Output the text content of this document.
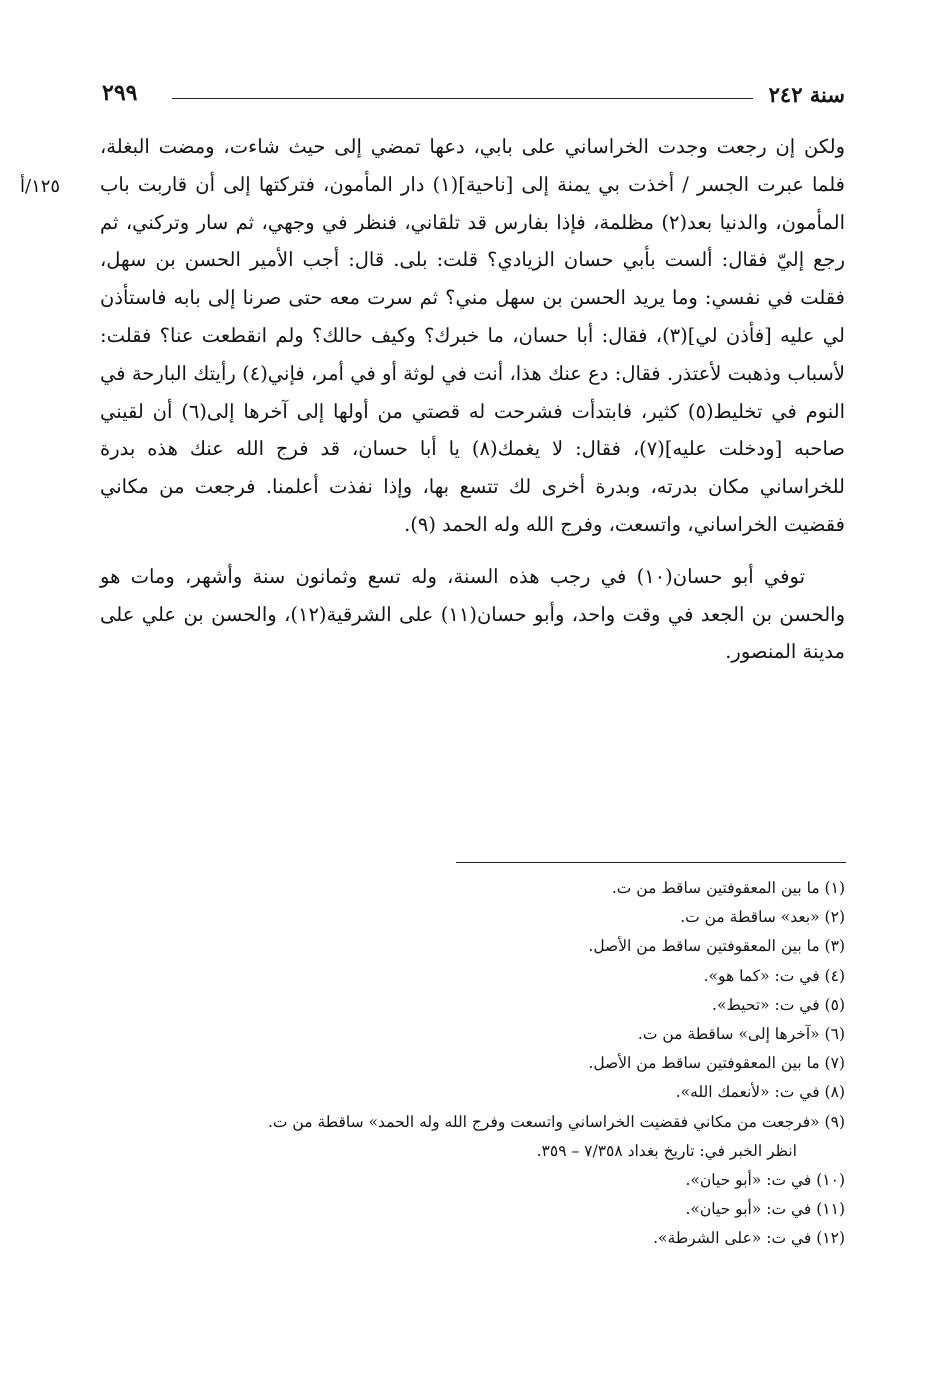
سنة ٢٤٢
٢٩٩
١٢٥/أ

ولكن إن رجعت وجدت الخراساني على بابي، دعها تمضي إلى حيث شاءت، ومضت البغلة، فلما عبرت الجسر / أخذت بي يمنة إلى [ناحية](١) دار المأمون، فتركتها إلى أن قاربت باب المأمون، والدنيا بعد(٢) مظلمة، فإذا بفارس قد تلقاني، فنظر في وجهي، ثم سار وتركني، ثم رجع إليّ فقال: ألست بأبي حسان الزيادي؟ قلت: بلى. قال: أجب الأمير الحسن بن سهل، فقلت في نفسي: وما يريد الحسن بن سهل مني؟ ثم سرت معه حتى صرنا إلى بابه فاستأذن لي عليه [فأذن لي](٣)، فقال: أبا حسان، ما خبرك؟ وكيف حالك؟ ولم انقطعت عنا؟ فقلت: لأسباب وذهبت لأعتذر. فقال: دع عنك هذا، أنت في لوثة أو في أمر، فإني(٤) رأيتك البارحة في النوم في تخليط(٥) كثير، فابتدأت فشرحت له قصتي من أولها إلى آخرها إلى(٦) أن لقيني صاحبه [ودخلت عليه](٧)، فقال: لا يغمك(٨) يا أبا حسان، قد فرج الله عنك هذه بدرة للخراساني مكان بدرته، وبدرة أخرى لك تتسع بها، وإذا نفذت أعلمنا. فرجعت من مكاني فقضيت الخراساني، واتسعت، وفرج الله وله الحمد (٩).

توفي أبو حسان(١٠) في رجب هذه السنة، وله تسع وثمانون سنة وأشهر، ومات هو والحسن بن الجعد في وقت واحد، وأبو حسان(١١) على الشرقية(١٢)، والحسن بن علي على مدينة المنصور.

(١) ما بين المعقوفتين ساقط من ت.
(٢) «بعد» ساقطة من ت.
(٣) ما بين المعقوفتين ساقط من الأصل.
(٤) في ت: «كما هو».
(٥) في ت: «تحيط».
(٦) «آخرها إلى» ساقطة من ت.
(٧) ما بين المعقوفتين ساقط من الأصل.
(٨) في ت: «لأنعمك الله».
(٩) «فرجعت من مكاني فقضيت الخراساني واتسعت وفرج الله وله الحمد» ساقطة من ت.
انظر الخبر في: تاريخ بغداد ٧/٣٥٨ – ٣٥٩.
(١٠) في ت: «أبو حيان».
(١١) في ت: «أبو حيان».
(١٢) في ت: «على الشرطة».
